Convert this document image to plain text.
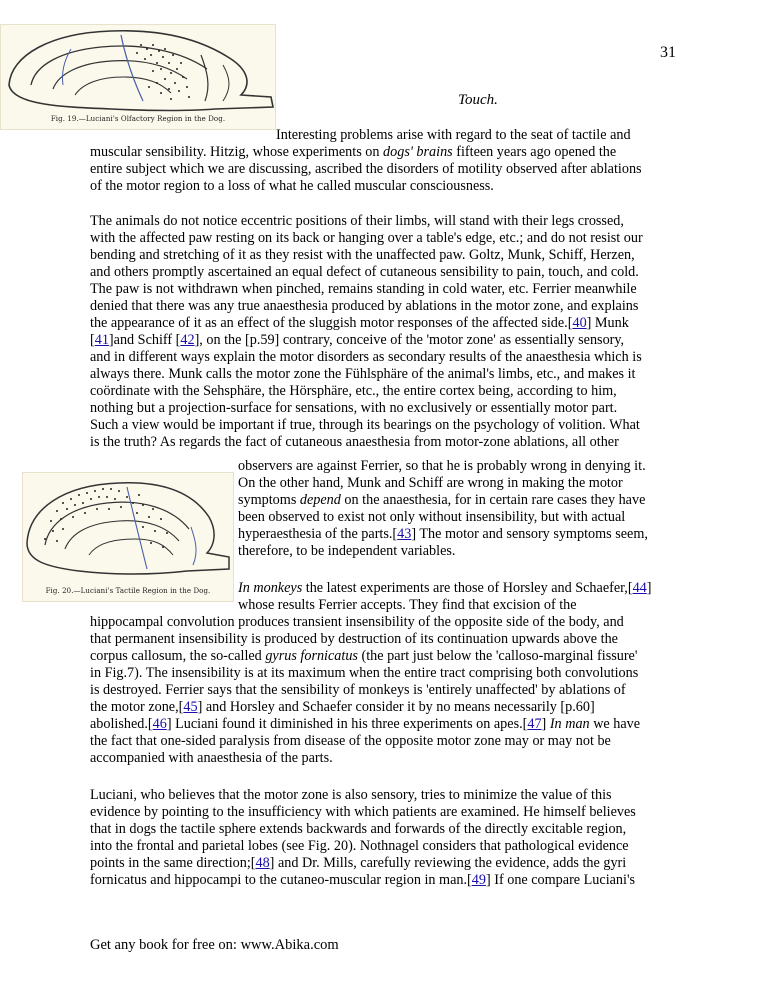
31
Fig. 19.—Luciani's Olfactory Region in the Dog.
Touch.
Interesting problems arise with regard to the seat of tactile and
muscular sensibility. Hitzig, whose experiments on dogs' brains fifteen years ago opened the
entire subject which we are discussing, ascribed the disorders of motility observed after ablations
of the motor region to a loss of what he called muscular consciousness.
The animals do not notice eccentric positions of their limbs, will stand with their legs crossed,
with the affected paw resting on its back or hanging over a table's edge, etc.; and do not resist our
bending and stretching of it as they resist with the unaffected paw. Goltz, Munk, Schiff, Herzen,
and others promptly ascertained an equal defect of cutaneous sensibility to pain, touch, and cold.
The paw is not withdrawn when pinched, remains standing in cold water, etc. Ferrier meanwhile
denied that there was any true anaesthesia produced by ablations in the motor zone, and explains
the appearance of it as an effect of the sluggish motor responses of the affected side.[40] Munk
[41]and Schiff [42], on the [p.59] contrary, conceive of the 'motor zone' as essentially sensory,
and in different ways explain the motor disorders as secondary results of the anaesthesia which is
always there. Munk calls the motor zone the Fühlsphäre of the animal's limbs, etc., and makes it
coördinate with the Sehsphäre, the Hörsphäre, etc., the entire cortex being, according to him,
nothing but a projection-surface for sensations, with no exclusively or essentially motor part.
Such a view would be important if true, through its bearings on the psychology of volition. What
is the truth? As regards the fact of cutaneous anaesthesia from motor-zone ablations, all other
Fig. 20.—Luciani's Tactile Region in the Dog.
observers are against Ferrier, so that he is probably wrong in denying it.
On the other hand, Munk and Schiff are wrong in making the motor
symptoms depend on the anaesthesia, for in certain rare cases they have
been observed to exist not only without insensibility, but with actual
hyperaesthesia of the parts.[43] The motor and sensory symptoms seem,
therefore, to be independent variables.
In monkeys the latest experiments are those of Horsley and Schaefer,[44]
whose results Ferrier accepts. They find that excision of the
hippocampal convolution produces transient insensibility of the opposite side of the body, and
that permanent insensibility is produced by destruction of its continuation upwards above the
corpus callosum, the so-called gyrus fornicatus (the part just below the 'calloso-marginal fissure'
in Fig.7). The insensibility is at its maximum when the entire tract comprising both convolutions
is destroyed. Ferrier says that the sensibility of monkeys is 'entirely unaffected' by ablations of
the motor zone,[45] and Horsley and Schaefer consider it by no means necessarily [p.60]
abolished.[46] Luciani found it diminished in his three experiments on apes.[47] In man we have
the fact that one-sided paralysis from disease of the opposite motor zone may or may not be
accompanied with anaesthesia of the parts.
Luciani, who believes that the motor zone is also sensory, tries to minimize the value of this
evidence by pointing to the insufficiency with which patients are examined. He himself believes
that in dogs the tactile sphere extends backwards and forwards of the directly excitable region,
into the frontal and parietal lobes (see Fig. 20). Nothnagel considers that pathological evidence
points in the same direction;[48] and Dr. Mills, carefully reviewing the evidence, adds the gyri
fornicatus and hippocampi to the cutaneo-muscular region in man.[49] If one compare Luciani's
Get any book for free on: www.Abika.com
